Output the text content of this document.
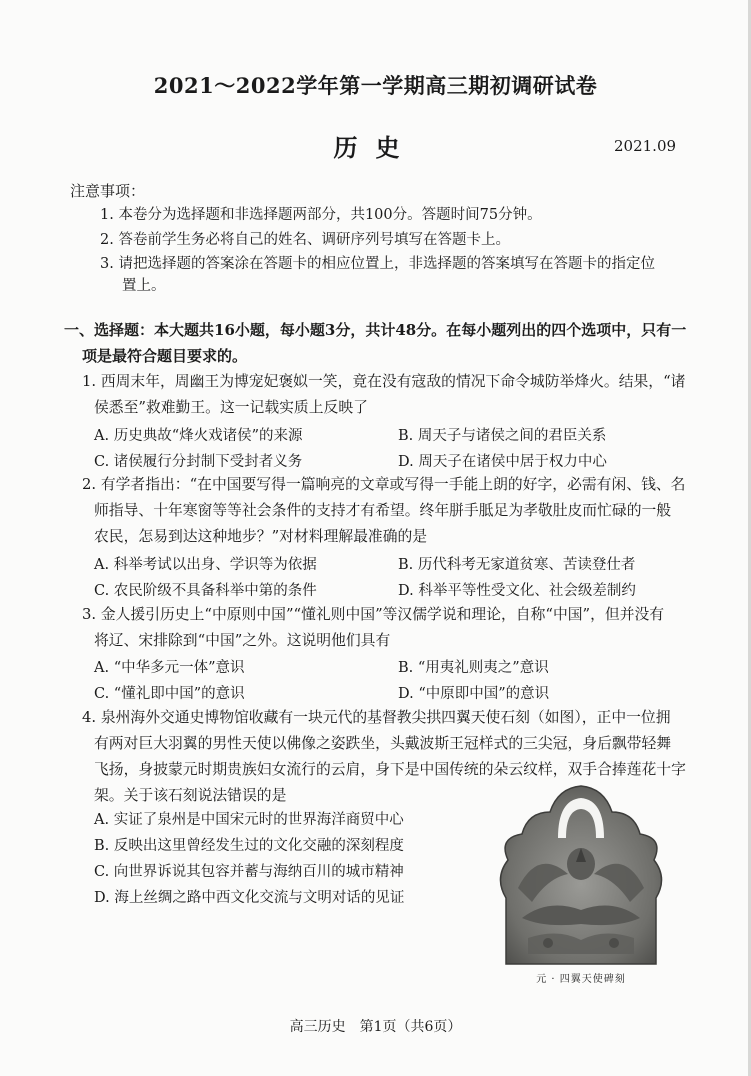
2021～2022学年第一学期高三期初调研试卷
历史	2021.09
注意事项：
1. 本卷分为选择题和非选择题两部分，共100分。答题时间75分钟。
2. 答卷前学生务必将自己的姓名、调研序列号填写在答题卡上。
3. 请把选择题的答案涂在答题卡的相应位置上，非选择题的答案填写在答题卡的指定位
置上。
一、选择题：本大题共16小题，每小题3分，共计48分。在每小题列出的四个选项中，只有一
项是最符合题目要求的。
1. 西周末年，周幽王为博宠妃褒姒一笑，竟在没有寇敌的情况下命令城防举烽火。结果，“诸
侯悉至”救难勤王。这一记载实质上反映了
A. 历史典故“烽火戏诸侯”的来源	B. 周天子与诸侯之间的君臣关系
C. 诸侯履行分封制下受封者义务	D. 周天子在诸侯中居于权力中心
2. 有学者指出：“在中国要写得一篇响亮的文章或写得一手能上朗的好字，必需有闲、钱、名
师指导、十年寒窗等等社会条件的支持才有希望。终年胼手胝足为孝敬肚皮而忙碌的一般
农民，怎易到达这种地步？”对材料理解最准确的是
A. 科举考试以出身、学识等为依据	B. 历代科考无家道贫寒、苦读登仕者
C. 农民阶级不具备科举中第的条件	D. 科举平等性受文化、社会级差制约
3. 金人援引历史上“中原则中国”“懂礼则中国”等汉儒学说和理论，自称“中国”，但并没有
将辽、宋排除到“中国”之外。这说明他们具有
A. “中华多元一体”意识	B. “用夷礼则夷之”意识
C. “懂礼即中国”的意识	D. “中原即中国”的意识
4. 泉州海外交通史博物馆收藏有一块元代的基督教尖拱四翼天使石刻（如图），正中一位拥
有两对巨大羽翼的男性天使以佛像之姿跌坐，头戴波斯王冠样式的三尖冠，身后飘带轻舞
飞扬，身披蒙元时期贵族妇女流行的云肩，身下是中国传统的朵云纹样，双手合捧莲花十字
架。关于该石刻说法错误的是
A. 实证了泉州是中国宋元时的世界海洋商贸中心
B. 反映出这里曾经发生过的文化交融的深刻程度
C. 向世界诉说其包容并蓄与海纳百川的城市精神
D. 海上丝绸之路中西文化交流与文明对话的见证
元 · 四翼天使碑刻
高三历史　第1页（共6页）
